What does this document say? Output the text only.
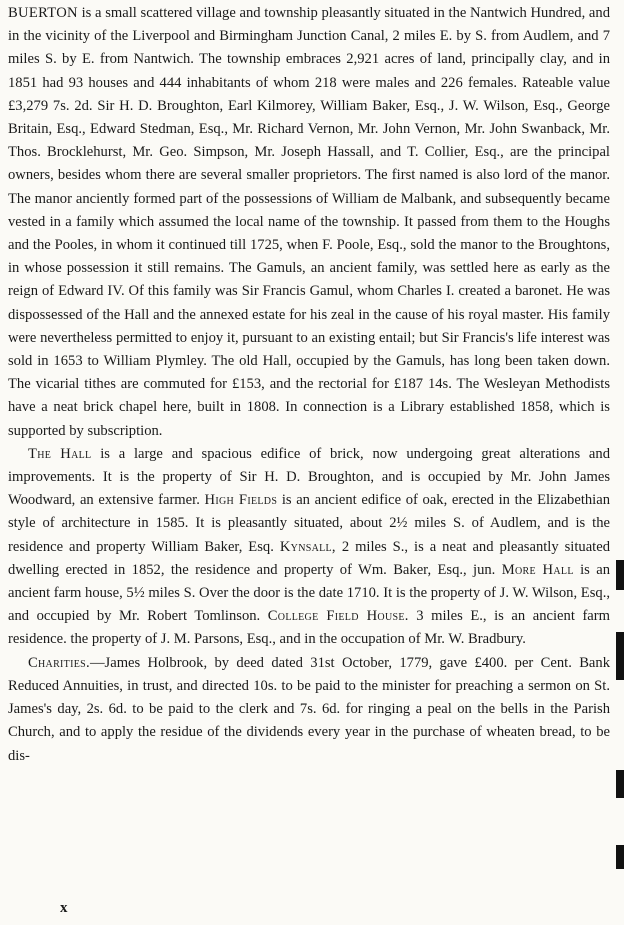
BUERTON is a small scattered village and township pleasantly situated in the Nantwich Hundred, and in the vicinity of the Liverpool and Birmingham Junction Canal, 2 miles E. by S. from Audlem, and 7 miles S. by E. from Nantwich. The township embraces 2,921 acres of land, principally clay, and in 1851 had 93 houses and 444 inhabitants of whom 218 were males and 226 females. Rateable value £3,279 7s. 2d. Sir H. D. Broughton, Earl Kilmorey, William Baker, Esq., J. W. Wilson, Esq., George Britain, Esq., Edward Stedman, Esq., Mr. Richard Vernon, Mr. John Vernon, Mr. John Swanback, Mr. Thos. Brocklehurst, Mr. Geo. Simpson, Mr. Joseph Hassall, and T. Collier, Esq., are the principal owners, besides whom there are several smaller proprietors. The first named is also lord of the manor. The manor anciently formed part of the possessions of William de Malbank, and subsequently became vested in a family which assumed the local name of the township. It passed from them to the Houghs and the Pooles, in whom it continued till 1725, when F. Poole, Esq., sold the manor to the Broughtons, in whose possession it still remains. The Gamuls, an ancient family, was settled here as early as the reign of Edward IV. Of this family was Sir Francis Gamul, whom Charles I. created a baronet. He was dispossessed of the Hall and the annexed estate for his zeal in the cause of his royal master. His family were nevertheless permitted to enjoy it, pursuant to an existing entail; but Sir Francis's life interest was sold in 1653 to William Plymley. The old Hall, occupied by the Gamuls, has long been taken down. The vicarial tithes are commuted for £153, and the rectorial for £187 14s. The Wesleyan Methodists have a neat brick chapel here, built in 1808. In connection is a Library established 1858, which is supported by subscription.

The Hall is a large and spacious edifice of brick, now undergoing great alterations and improvements. It is the property of Sir H. D. Broughton, and is occupied by Mr. John James Woodward, an extensive farmer. High Fields is an ancient edifice of oak, erected in the Elizabethian style of architecture in 1585. It is pleasantly situated, about 2½ miles S. of Audlem, and is the residence and property William Baker, Esq. Kynsall, 2 miles S., is a neat and pleasantly situated dwelling erected in 1852, the residence and property of Wm. Baker, Esq., jun. More Hall is an ancient farm house, 5½ miles S. Over the door is the date 1710. It is the property of J. W. Wilson, Esq., and occupied by Mr. Robert Tomlinson. College Field House. 3 miles E., is an ancient farm residence. the property of J. M. Parsons, Esq., and in the occupation of Mr. W. Bradbury.

Charities.—James Holbrook, by deed dated 31st October, 1779, gave £400. per Cent. Bank Reduced Annuities, in trust, and directed 10s. to be paid to the minister for preaching a sermon on St. James's day, 2s. 6d. to be paid to the clerk and 7s. 6d. for ringing a peal on the bells in the Parish Church, and to apply the residue of the dividends every year in the purchase of wheaten bread, to be dis-

x
